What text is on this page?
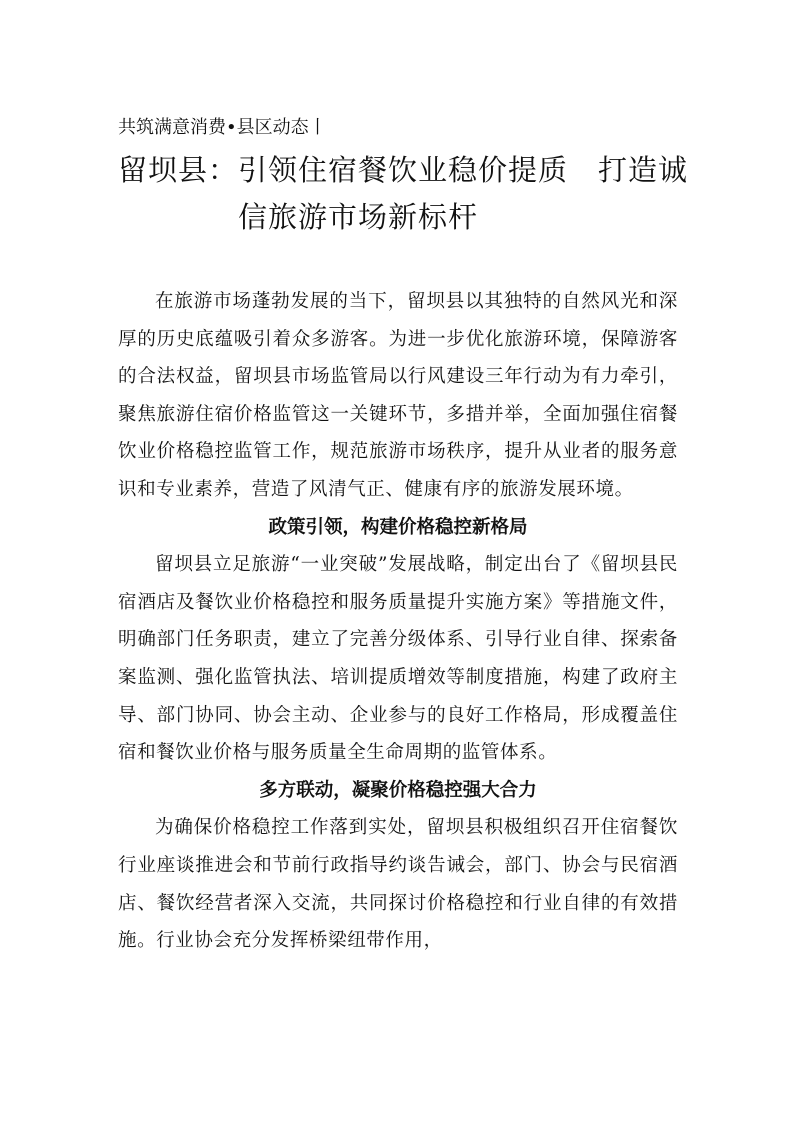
共筑满意消费•县区动态丨
留坝县：引领住宿餐饮业稳价提质　打造诚
信旅游市场新标杆

在旅游市场蓬勃发展的当下，留坝县以其独特的自然风光和深厚的历史底蕴吸引着众多游客。为进一步优化旅游环境，保障游客的合法权益，留坝县市场监管局以行风建设三年行动为有力牵引，聚焦旅游住宿价格监管这一关键环节，多措并举，全面加强住宿餐饮业价格稳控监管工作，规范旅游市场秩序，提升从业者的服务意识和专业素养，营造了风清气正、健康有序的旅游发展环境。

政策引领，构建价格稳控新格局

留坝县立足旅游“一业突破”发展战略，制定出台了《留坝县民宿酒店及餐饮业价格稳控和服务质量提升实施方案》等措施文件，明确部门任务职责，建立了完善分级体系、引导行业自律、探索备案监测、强化监管执法、培训提质增效等制度措施，构建了政府主导、部门协同、协会主动、企业参与的良好工作格局，形成覆盖住宿和餐饮业价格与服务质量全生命周期的监管体系。

多方联动，凝聚价格稳控强大合力

为确保价格稳控工作落到实处，留坝县积极组织召开住宿餐饮行业座谈推进会和节前行政指导约谈告诫会，部门、协会与民宿酒店、餐饮经营者深入交流，共同探讨价格稳控和行业自律的有效措施。行业协会充分发挥桥梁纽带作用，
